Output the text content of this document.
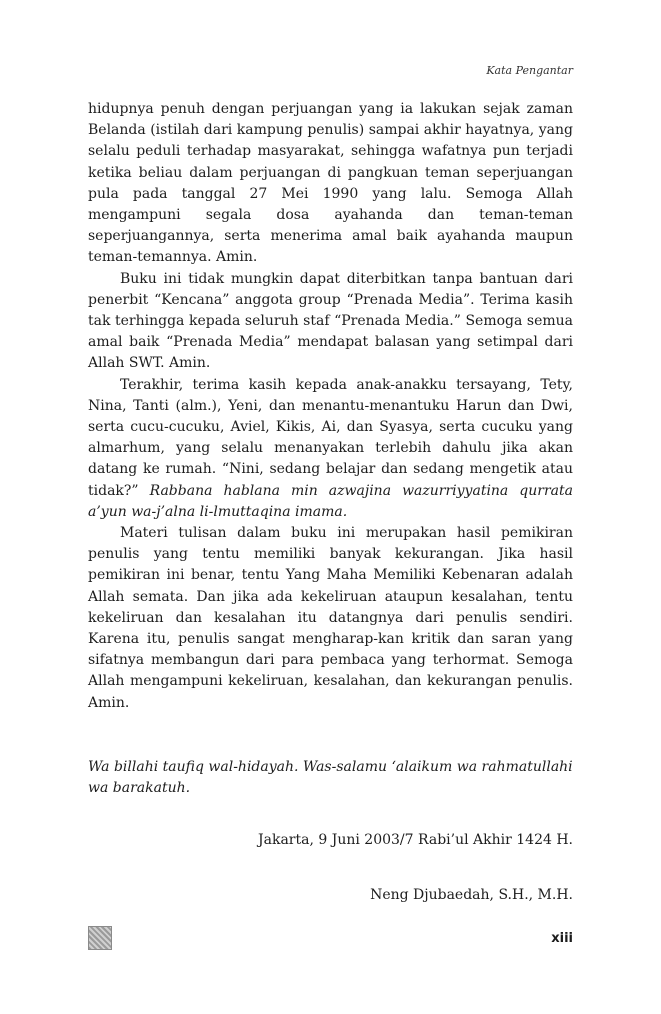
Kata Pengantar

hidupnya penuh dengan perjuangan yang ia lakukan sejak zaman Belanda (istilah dari kampung penulis) sampai akhir hayatnya, yang selalu peduli terhadap masyarakat, sehingga wafatnya pun terjadi ketika beliau dalam perjuangan di pangkuan teman seperjuangan pula pada tanggal 27 Mei 1990 yang lalu. Semoga Allah mengampuni segala dosa ayahanda dan teman-teman seperjuangannya, serta menerima amal baik ayahanda maupun teman-temannya. Amin.

Buku ini tidak mungkin dapat diterbitkan tanpa bantuan dari penerbit “Kencana” anggota group “Prenada Media”. Terima kasih tak terhingga kepada seluruh staf “Prenada Media.” Semoga semua amal baik “Prenada Media” mendapat balasan yang setimpal dari Allah SWT. Amin.

Terakhir, terima kasih kepada anak-anakku tersayang, Tety, Nina, Tanti (alm.), Yeni, dan menantu-menantuku Harun dan Dwi, serta cucu-cucuku, Aviel, Kikis, Ai, dan Syasya, serta cucuku yang almarhum, yang selalu menanyakan terlebih dahulu jika akan datang ke rumah. “Nini, sedang belajar dan sedang mengetik atau tidak?” Rabbana hablana min azwajina wazurriyyatina qurrata a’yun wa-j’alna li-lmuttaqina imama.

Materi tulisan dalam buku ini merupakan hasil pemikiran penulis yang tentu memiliki banyak kekurangan. Jika hasil pemikiran ini benar, tentu Yang Maha Memiliki Kebenaran adalah Allah semata. Dan jika ada kekeliruan ataupun kesalahan, tentu kekeliruan dan kesalahan itu datangnya dari penulis sendiri. Karena itu, penulis sangat mengharap-kan kritik dan saran yang sifatnya membangun dari para pembaca yang terhormat. Semoga Allah mengampuni kekeliruan, kesalahan, dan kekurangan penulis. Amin.

Wa billahi taufiq wal-hidayah. Was-salamu ‘alaikum wa rahmatullahi wa barakatuh.
Jakarta, 9 Juni 2003/7 Rabi’ul Akhir 1424 H.
Neng Djubaedah, S.H., M.H.
xiii
